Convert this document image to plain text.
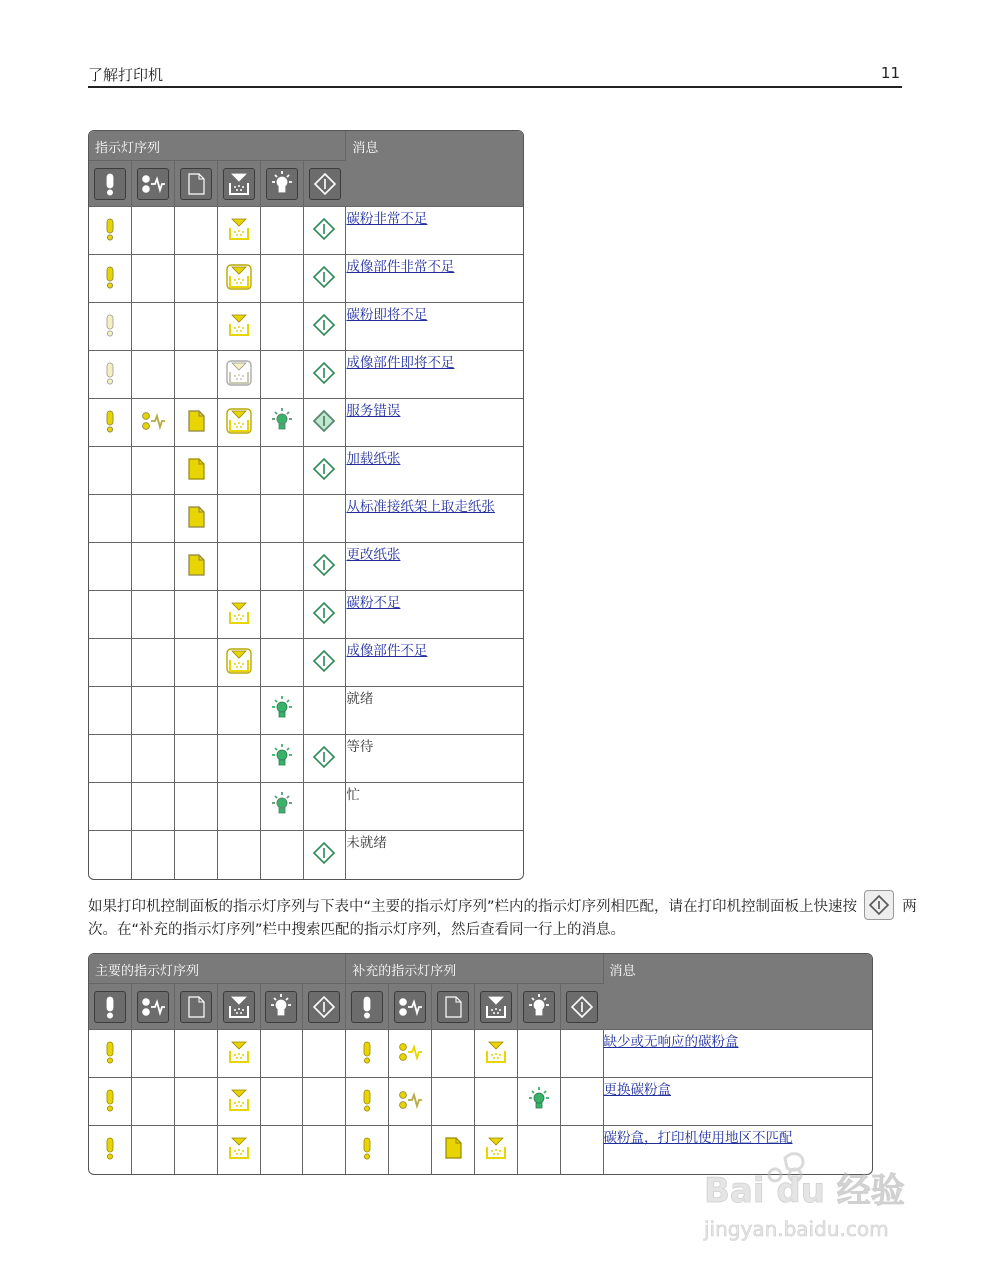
了解打印机	11
指示灯序列						消息

						碳粉非常不足
						成像部件非常不足
						碳粉即将不足
						成像部件即将不足
						服务错误
						加载纸张
						从标准接纸架上取走纸张
						更改纸张
						碳粉不足
						成像部件不足
						就绪
						等待
						忙
						未就绪
如果打印机控制面板的指示灯序列与下表中“主要的指示灯序列”栏内的指示灯序列相匹配，请在打印机控制面板上快速按	两次。在“补充的指示灯序列”栏中搜索匹配的指示灯序列，然后查看同一行上的消息。
主要的指示灯序列						补充的指示灯序列						消息

												缺少或无响应的碳粉盒
												更换碳粉盒
												碳粉盒，打印机使用地区不匹配
Bai du 经验
jingyan.baidu.com
